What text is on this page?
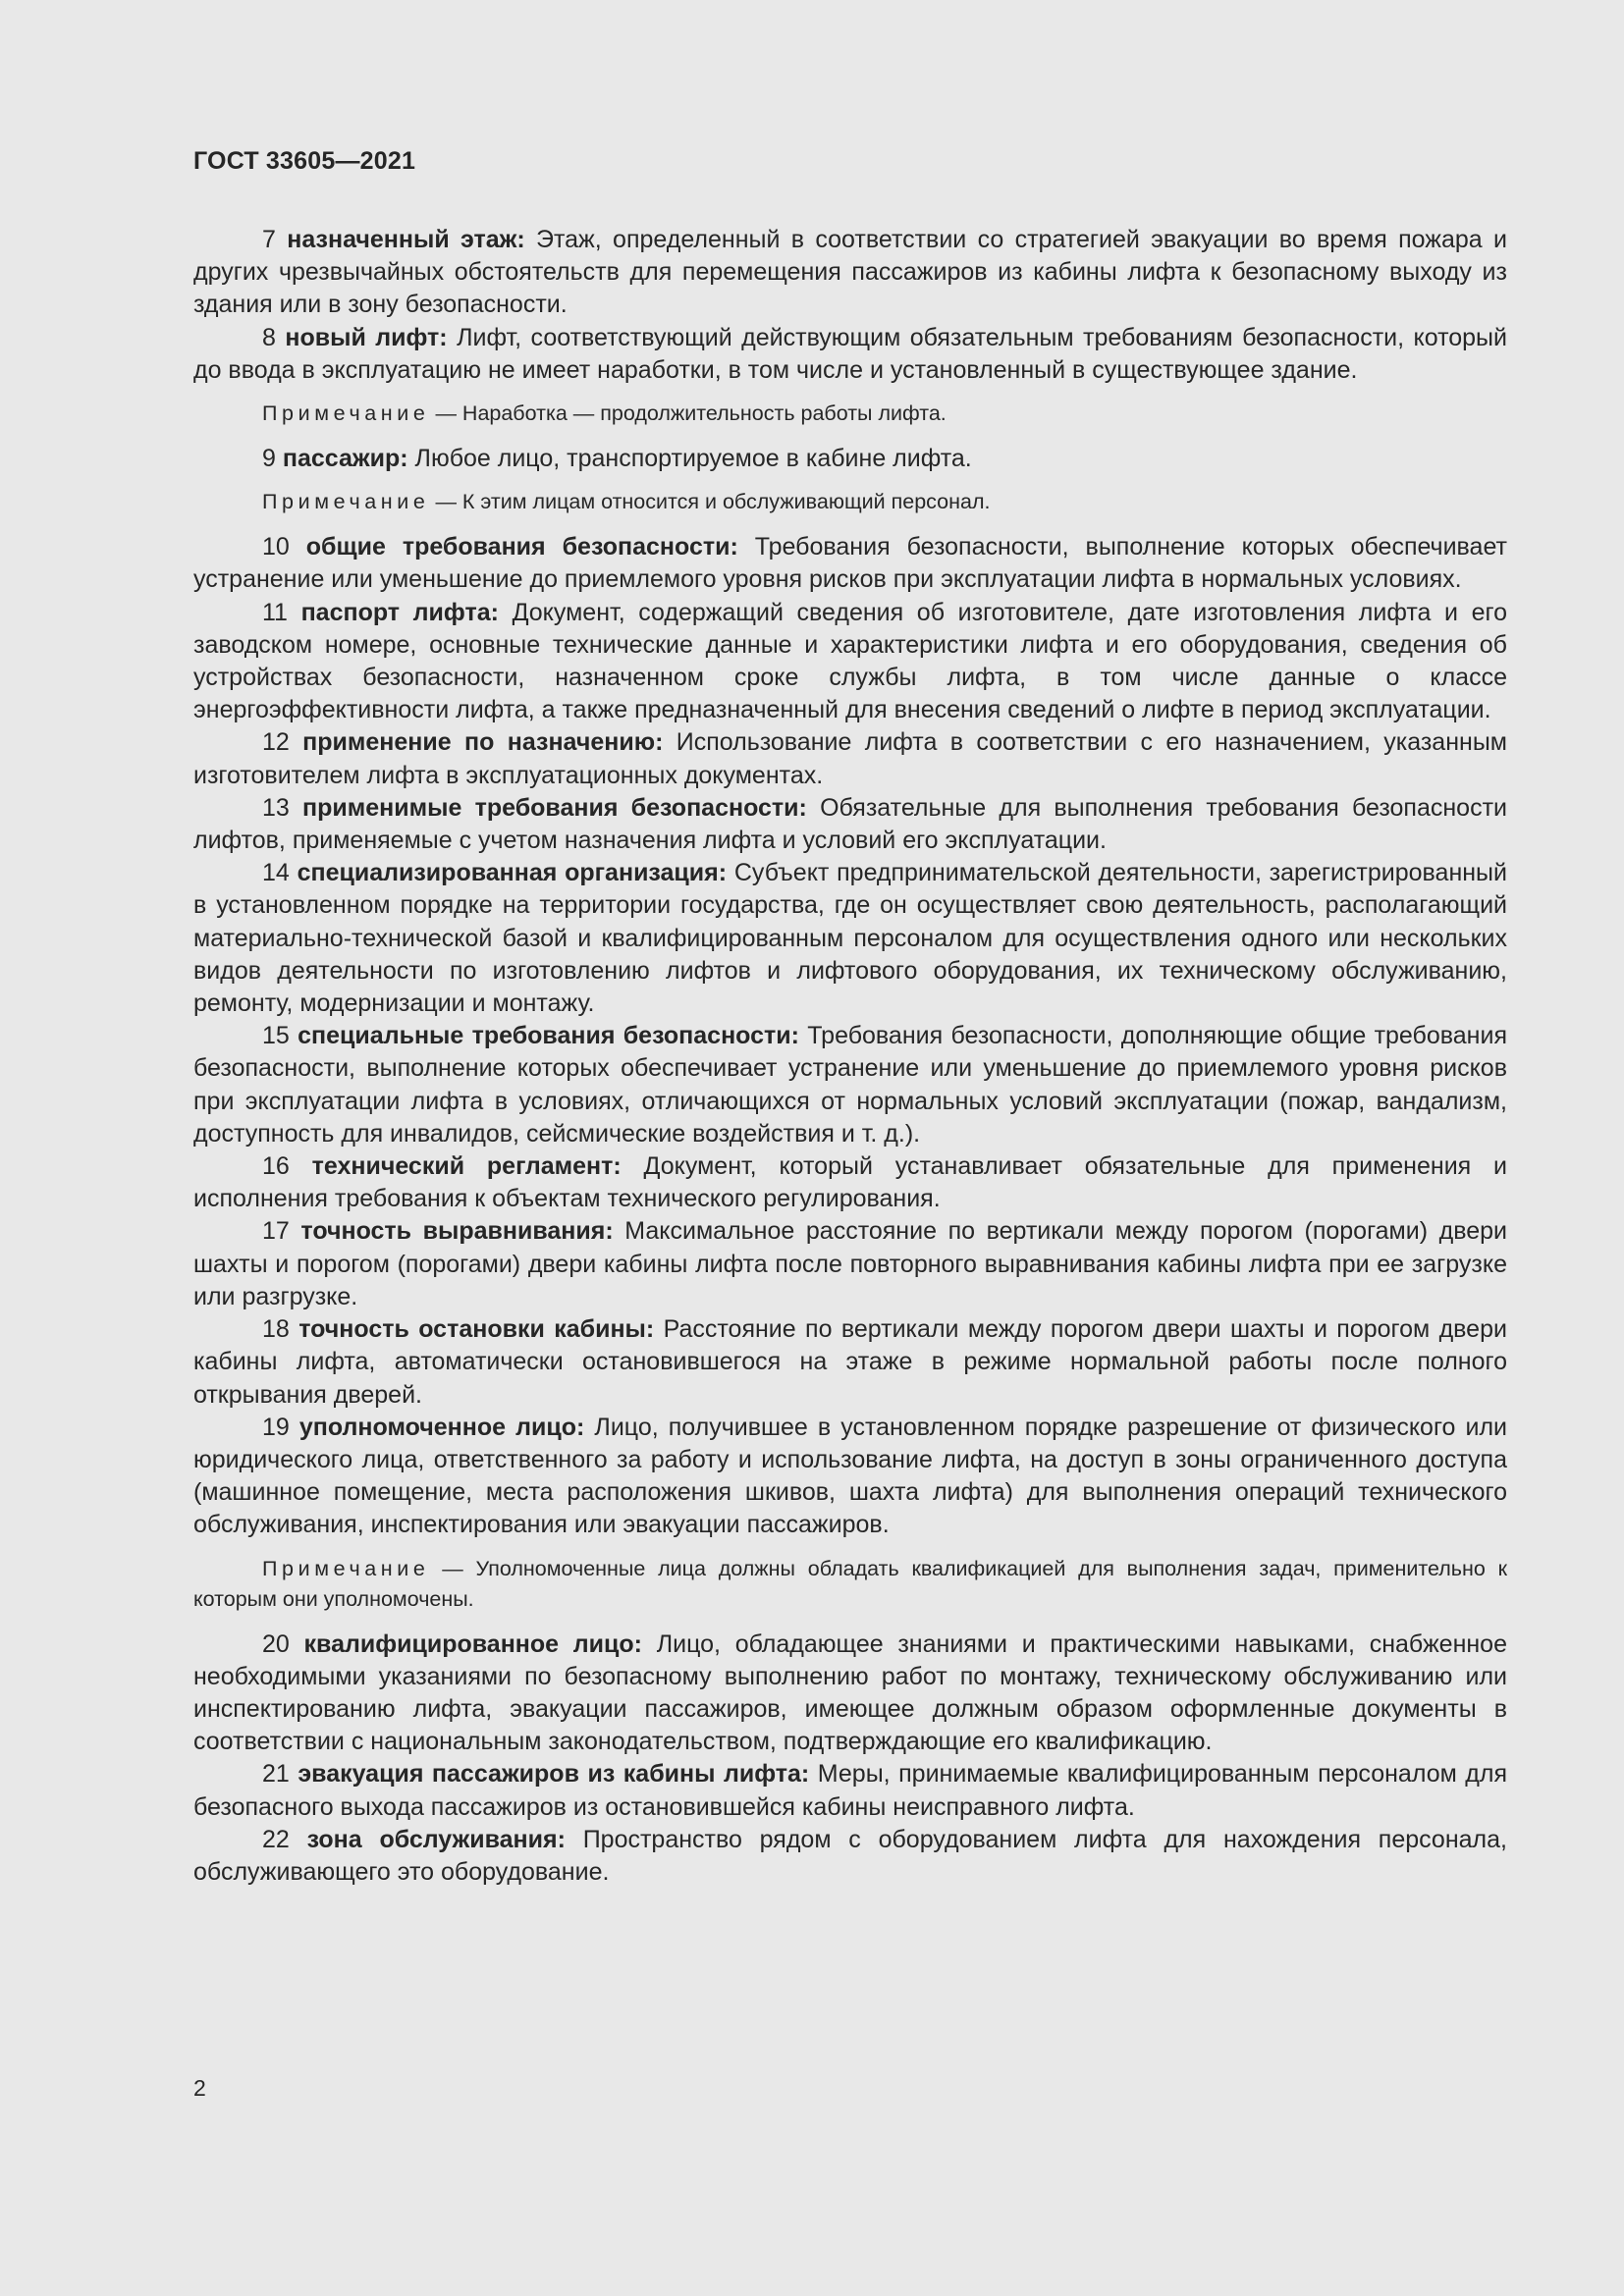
ГОСТ 33605—2021

7 назначенный этаж: Этаж, определенный в соответствии со стратегией эвакуации во время пожара и других чрезвычайных обстоятельств для перемещения пассажиров из кабины лифта к безопасному выходу из здания или в зону безопасности.

8 новый лифт: Лифт, соответствующий действующим обязательным требованиям безопасности, который до ввода в эксплуатацию не имеет наработки, в том числе и установленный в существующее здание.

Примечание — Наработка — продолжительность работы лифта.

9 пассажир: Любое лицо, транспортируемое в кабине лифта.

Примечание — К этим лицам относится и обслуживающий персонал.

10 общие требования безопасности: Требования безопасности, выполнение которых обеспечивает устранение или уменьшение до приемлемого уровня рисков при эксплуатации лифта в нормальных условиях.

11 паспорт лифта: Документ, содержащий сведения об изготовителе, дате изготовления лифта и его заводском номере, основные технические данные и характеристики лифта и его оборудования, сведения об устройствах безопасности, назначенном сроке службы лифта, в том числе данные о классе энергоэффективности лифта, а также предназначенный для внесения сведений о лифте в период эксплуатации.

12 применение по назначению: Использование лифта в соответствии с его назначением, указанным изготовителем лифта в эксплуатационных документах.

13 применимые требования безопасности: Обязательные для выполнения требования безопасности лифтов, применяемые с учетом назначения лифта и условий его эксплуатации.

14 специализированная организация: Субъект предпринимательской деятельности, зарегистрированный в установленном порядке на территории государства, где он осуществляет свою деятельность, располагающий материально-технической базой и квалифицированным персоналом для осуществления одного или нескольких видов деятельности по изготовлению лифтов и лифтового оборудования, их техническому обслуживанию, ремонту, модернизации и монтажу.

15 специальные требования безопасности: Требования безопасности, дополняющие общие требования безопасности, выполнение которых обеспечивает устранение или уменьшение до приемлемого уровня рисков при эксплуатации лифта в условиях, отличающихся от нормальных условий эксплуатации (пожар, вандализм, доступность для инвалидов, сейсмические воздействия и т. д.).

16 технический регламент: Документ, который устанавливает обязательные для применения и исполнения требования к объектам технического регулирования.

17 точность выравнивания: Максимальное расстояние по вертикали между порогом (порогами) двери шахты и порогом (порогами) двери кабины лифта после повторного выравнивания кабины лифта при ее загрузке или разгрузке.

18 точность остановки кабины: Расстояние по вертикали между порогом двери шахты и порогом двери кабины лифта, автоматически остановившегося на этаже в режиме нормальной работы после полного открывания дверей.

19 уполномоченное лицо: Лицо, получившее в установленном порядке разрешение от физического или юридического лица, ответственного за работу и использование лифта, на доступ в зоны ограниченного доступа (машинное помещение, места расположения шкивов, шахта лифта) для выполнения операций технического обслуживания, инспектирования или эвакуации пассажиров.

Примечание — Уполномоченные лица должны обладать квалификацией для выполнения задач, применительно к которым они уполномочены.

20 квалифицированное лицо: Лицо, обладающее знаниями и практическими навыками, снабженное необходимыми указаниями по безопасному выполнению работ по монтажу, техническому обслуживанию или инспектированию лифта, эвакуации пассажиров, имеющее должным образом оформленные документы в соответствии с национальным законодательством, подтверждающие его квалификацию.

21 эвакуация пассажиров из кабины лифта: Меры, принимаемые квалифицированным персоналом для безопасного выхода пассажиров из остановившейся кабины неисправного лифта.

22 зона обслуживания: Пространство рядом с оборудованием лифта для нахождения персонала, обслуживающего это оборудование.

2
